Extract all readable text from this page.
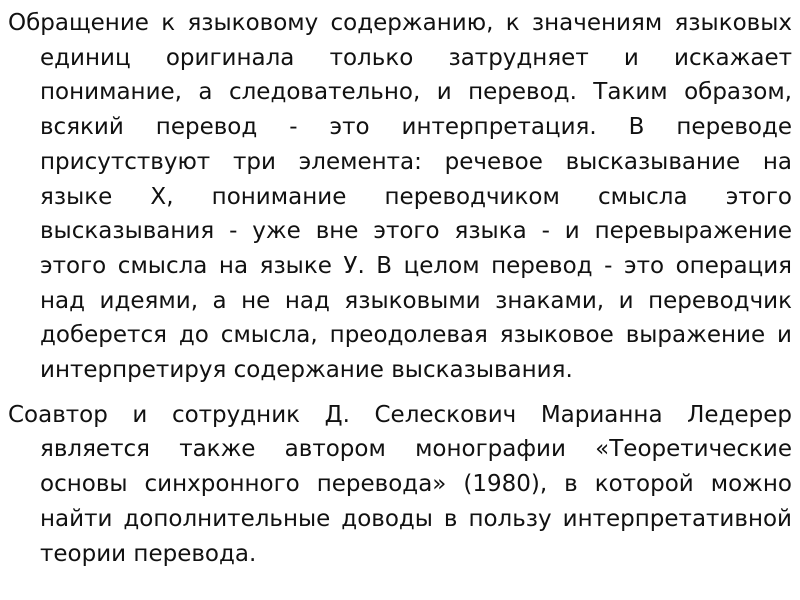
Обращение к языковому содержанию, к значениям языковых единиц оригинала только затрудняет и искажает понимание, а следовательно, и перевод. Таким образом, всякий перевод - это интерпретация. В переводе присутствуют три элемента: речевое высказывание на языке Х, понимание переводчиком смысла этого высказывания - уже вне этого языка - и перевыражение этого смысла на языке У. В целом перевод - это операция над идеями, а не над языковыми знаками, и переводчик доберется до смысла, преодолевая языковое выражение и интерпретируя содержание высказывания.

Соавтор и сотрудник Д. Селескович Марианна Ледерер является также автором монографии «Теоретические основы синхронного перевода» (1980), в которой можно найти дополнительные доводы в пользу интерпретативной теории перевода.
